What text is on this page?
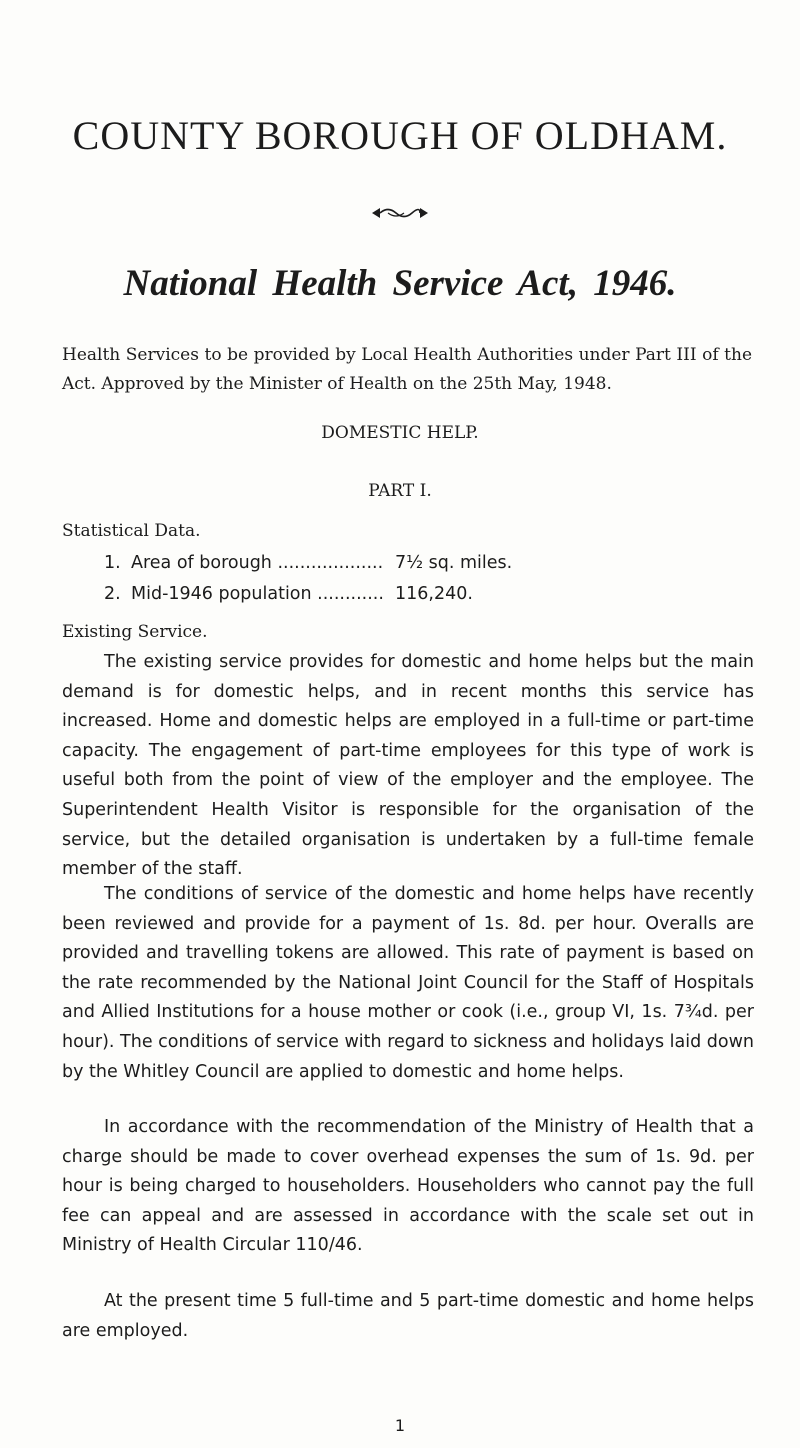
COUNTY BOROUGH OF OLDHAM.
National Health Service Act, 1946.
Health Services to be provided by Local Health Authorities under Part III of the Act. Approved by the Minister of Health on the 25th May, 1948.
DOMESTIC HELP.
PART I.
Statistical Data.
1. Area of borough .....	7½ sq. miles.
2. Mid-1946 population .....	116,240.
Existing Service.

The existing service provides for domestic and home helps but the main demand is for domestic helps, and in recent months this service has increased. Home and domestic helps are employed in a full-time or part-time capacity. The engagement of part-time employees for this type of work is useful both from the point of view of the employer and the employee. The Superintendent Health Visitor is responsible for the organisation of the service, but the detailed organisation is undertaken by a full-time female member of the staff.

The conditions of service of the domestic and home helps have recently been reviewed and provide for a payment of 1s. 8d. per hour. Overalls are provided and travelling tokens are allowed. This rate of payment is based on the rate recommended by the National Joint Council for the Staff of Hospitals and Allied Institutions for a house mother or cook (i.e., group VI, 1s. 7¾d. per hour). The conditions of service with regard to sickness and holidays laid down by the Whitley Council are applied to domestic and home helps.

In accordance with the recommendation of the Ministry of Health that a charge should be made to cover overhead expenses the sum of 1s. 9d. per hour is being charged to householders. Householders who cannot pay the full fee can appeal and are assessed in accordance with the scale set out in Ministry of Health Circular 110/46.

At the present time 5 full-time and 5 part-time domestic and home helps are employed.

1
